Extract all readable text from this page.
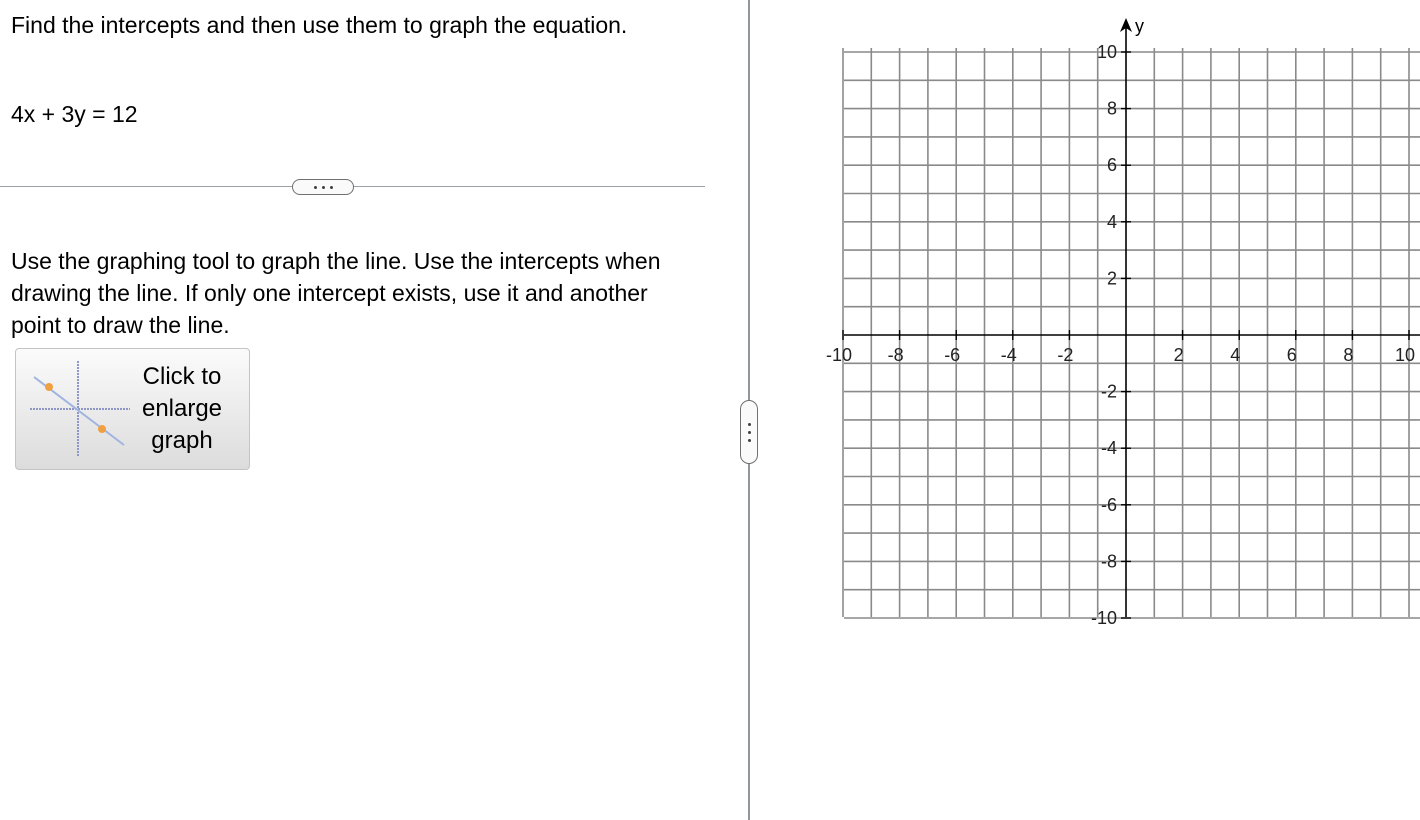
Find the intercepts and then use them to graph the equation.
4x + 3y = 12
Use the graphing tool to graph the line. Use the intercepts when drawing the line. If only one intercept exists, use it and another point to draw the line.
Click to enlarge graph
-10 -8 -6 -4 -2	2	4	6	8 10
10
8
6
4
2
-2
-4
-6
-8
-10
y
